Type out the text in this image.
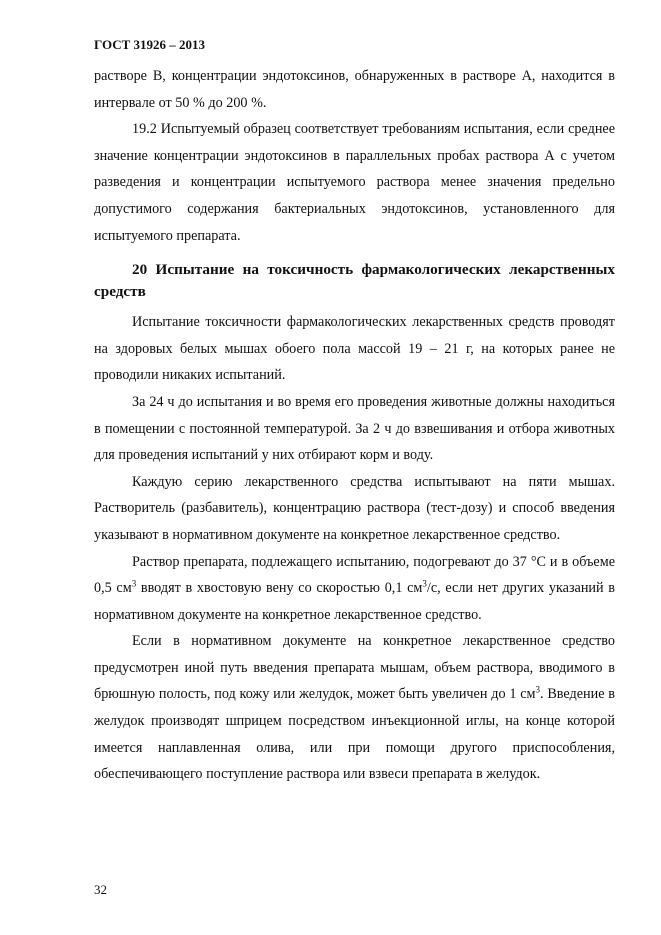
ГОСТ 31926 – 2013

растворе В, концентрации эндотоксинов, обнаруженных в растворе А, находится в интервале от 50 % до 200 %.

19.2 Испытуемый образец соответствует требованиям испытания, если среднее значение концентрации эндотоксинов в параллельных пробах раствора А с учетом разведения и концентрации испытуемого раствора менее значения предельно допустимого содержания бактериальных эндотоксинов, установленного для испытуемого препарата.

20 Испытание на токсичность фармакологических лекарственных средств

Испытание токсичности фармакологических лекарственных средств проводят на здоровых белых мышах обоего пола массой 19 – 21 г, на которых ранее не проводили никаких испытаний.

За 24 ч до испытания и во время его проведения животные должны находиться в помещении с постоянной температурой. За 2 ч до взвешивания и отбора животных для проведения испытаний у них отбирают корм и воду.

Каждую серию лекарственного средства испытывают на пяти мышах. Растворитель (разбавитель), концентрацию раствора (тест-дозу) и способ введения указывают в нормативном документе на конкретное лекарственное средство.

Раствор препарата, подлежащего испытанию, подогревают до 37 °С и в объеме 0,5 $см^3$ вводят в хвостовую вену со скоростью 0,1 $см^3/с$, если нет других указаний в нормативном документе на конкретное лекарственное средство.

Если в нормативном документе на конкретное лекарственное средство предусмотрен иной путь введения препарата мышам, объем раствора, вводимого в брюшную полость, под кожу или желудок, может быть увеличен до 1 $см^3$. Введение в желудок производят шприцем посредством инъекционной иглы, на конце которой имеется наплавленная олива, или при помощи другого приспособления, обеспечивающего поступление раствора или взвеси препарата в желудок.

32
